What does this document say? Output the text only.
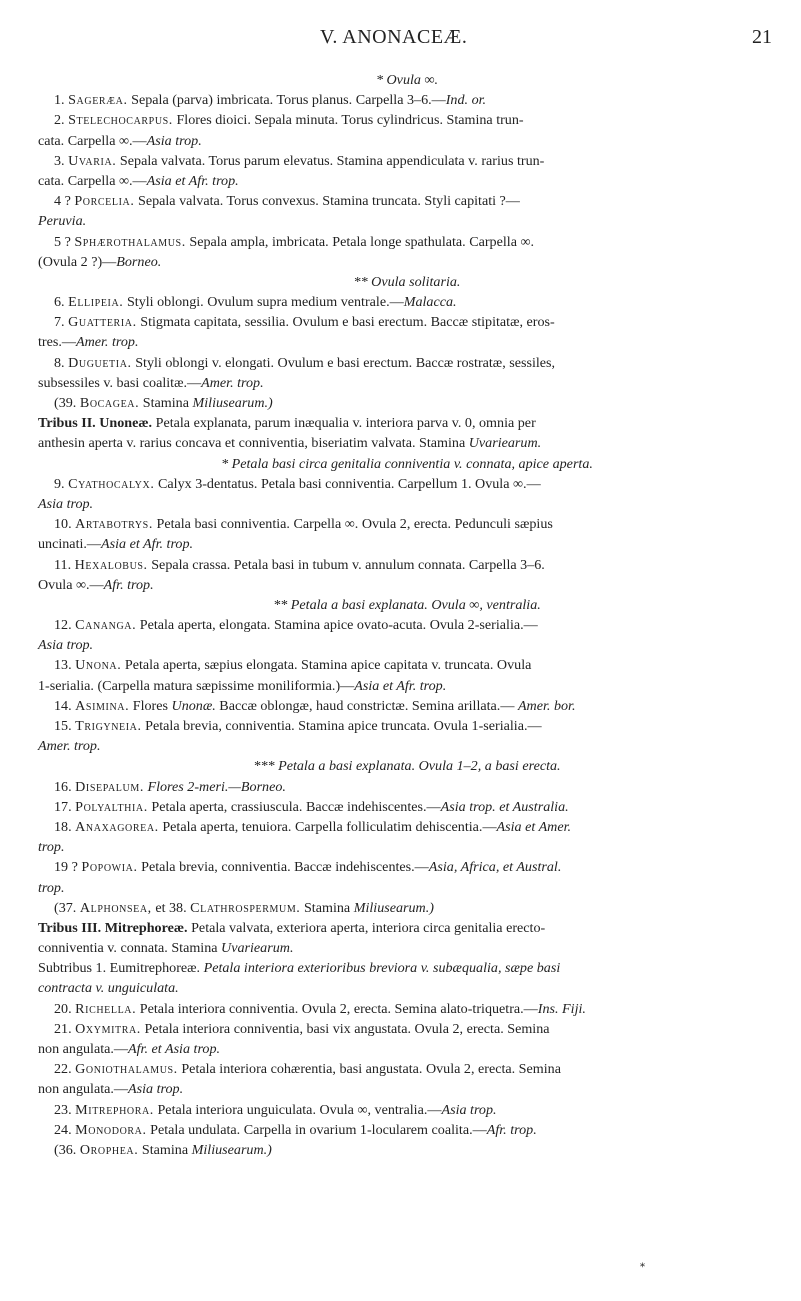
V. ANONACEÆ.	21
* Ovula ∞.
1. Sageræa. Sepala (parva) imbricata. Torus planus. Carpella 3–6.—Ind. or.
2. Stelechocarpus. Flores dioici. Sepala minuta. Torus cylindricus. Stamina trun-
cata. Carpella ∞.—Asia trop.
3. Uvaria. Sepala valvata. Torus parum elevatus. Stamina appendiculata v. rarius trun-
cata. Carpella ∞.—Asia et Afr. trop.
4 ? Porcelia. Sepala valvata. Torus convexus. Stamina truncata. Styli capitati ?—
Peruvia.
5 ? Sphærothalamus. Sepala ampla, imbricata. Petala longe spathulata. Carpella ∞.
(Ovula 2 ?)—Borneo.
** Ovula solitaria.
6. Ellipeia. Styli oblongi. Ovulum supra medium ventrale.—Malacca.
7. Guatteria. Stigmata capitata, sessilia. Ovulum e basi erectum. Baccæ stipitatæ, eros-
tres.—Amer. trop.
8. Duguetia. Styli oblongi v. elongati. Ovulum e basi erectum. Baccæ rostratæ, sessiles,
subsessiles v. basi coalitæ.—Amer. trop.
(39. Bocagea. Stamina Miliusearum.)
Tribus II. Unoneæ. Petala explanata, parum inæqualia v. interiora parva v. 0, omnia per
anthesin aperta v. rarius concava et conniventia, biseriatim valvata. Stamina Uvariearum.
* Petala basi circa genitalia conniventia v. connata, apice aperta.
9. Cyathocalyx. Calyx 3-dentatus. Petala basi conniventia. Carpellum 1. Ovula ∞.—
Asia trop.
10. Artabotrys. Petala basi conniventia. Carpella ∞. Ovula 2, erecta. Pedunculi sæpius
uncinati.—Asia et Afr. trop.
11. Hexalobus. Sepala crassa. Petala basi in tubum v. annulum connata. Carpella 3–6.
Ovula ∞.—Afr. trop.
** Petala a basi explanata. Ovula ∞, ventralia.
12. Cananga. Petala aperta, elongata. Stamina apice ovato-acuta. Ovula 2-serialia.—
Asia trop.
13. Unona. Petala aperta, sæpius elongata. Stamina apice capitata v. truncata. Ovula
1-serialia. (Carpella matura sæpissime moniliformia.)—Asia et Afr. trop.
14. Asimina. Flores Unonæ. Baccæ oblongæ, haud constrictæ. Semina arillata.— Amer. bor.
15. Trigyneia. Petala brevia, conniventia. Stamina apice truncata. Ovula 1-serialia.—
Amer. trop.
*** Petala a basi explanata. Ovula 1–2, a basi erecta.
16. Disepalum. Flores 2-meri.—Borneo.
17. Polyalthia. Petala aperta, crassiuscula. Baccæ indehiscentes.—Asia trop. et Australia.
18. Anaxagorea. Petala aperta, tenuiora. Carpella folliculatim dehiscentia.—Asia et Amer.
trop.
19 ? Popowia. Petala brevia, conniventia. Baccæ indehiscentes.—Asia, Africa, et Austral.
trop.
(37. Alphonsea, et 38. Clathrospermum. Stamina Miliusearum.)
Tribus III. Mitrephoreæ. Petala valvata, exteriora aperta, interiora circa genitalia erecto-
conniventia v. connata. Stamina Uvariearum.
Subtribus 1. Eumitrephoreæ. Petala interiora exterioribus breviora v. subæqualia, sæpe basi
contracta v. unguiculata.
20. Richella. Petala interiora conniventia. Ovula 2, erecta. Semina alato-triquetra.—Ins. Fiji.
21. Oxymitra. Petala interiora conniventia, basi vix angustata. Ovula 2, erecta. Semina
non angulata.—Afr. et Asia trop.
22. Goniothalamus. Petala interiora cohærentia, basi angustata. Ovula 2, erecta. Semina
non angulata.—Asia trop.
23. Mitrephora. Petala interiora unguiculata. Ovula ∞, ventralia.—Asia trop.
24. Monodora. Petala undulata. Carpella in ovarium 1-locularem coalita.—Afr. trop.
(36. Orophea. Stamina Miliusearum.)
*
